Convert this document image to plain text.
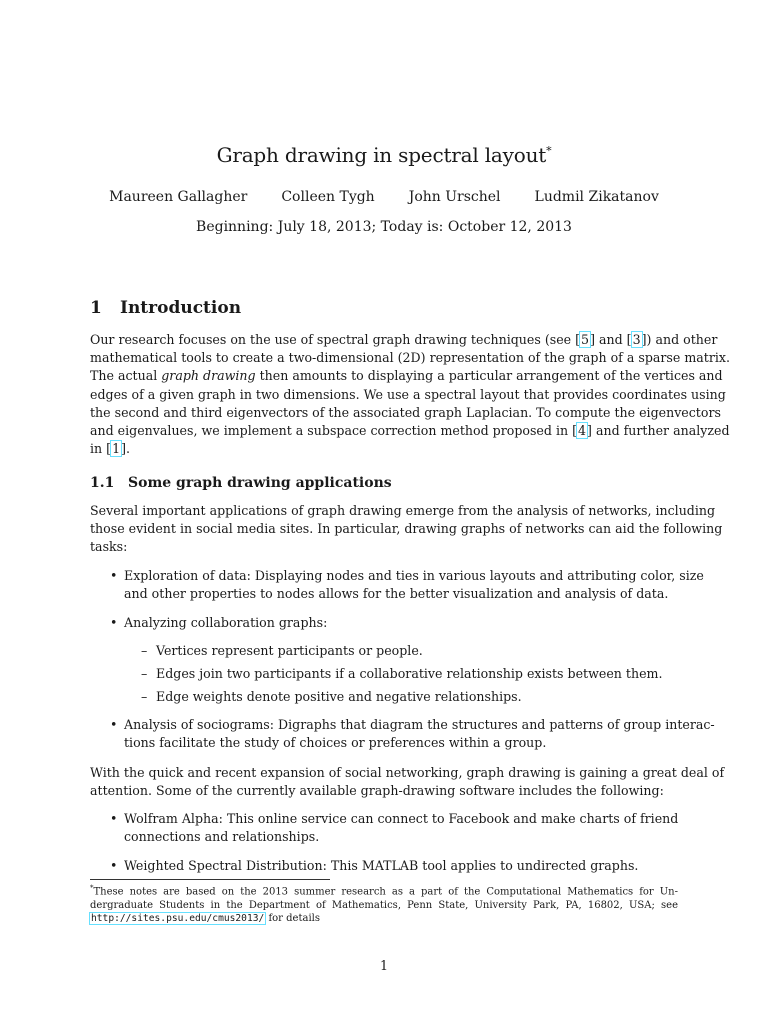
Graph drawing in spectral layout*
Maureen Gallagher Colleen Tygh John Urschel Ludmil Zikatanov
Beginning: July 18, 2013; Today is: October 12, 2013
1 Introduction
Our research focuses on the use of spectral graph drawing techniques (see [5] and [3]) and other
mathematical tools to create a two-dimensional (2D) representation of the graph of a sparse matrix.
The actual graph drawing then amounts to displaying a particular arrangement of the vertices and
edges of a given graph in two dimensions. We use a spectral layout that provides coordinates using
the second and third eigenvectors of the associated graph Laplacian. To compute the eigenvectors
and eigenvalues, we implement a subspace correction method proposed in [4] and further analyzed
in [1].
1.1 Some graph drawing applications
Several important applications of graph drawing emerge from the analysis of networks, including
those evident in social media sites. In particular, drawing graphs of networks can aid the following
tasks:
• Exploration of data: Displaying nodes and ties in various layouts and attributing color, size
and other properties to nodes allows for the better visualization and analysis of data.
• Analyzing collaboration graphs:
– Vertices represent participants or people.
– Edges join two participants if a collaborative relationship exists between them.
– Edge weights denote positive and negative relationships.
• Analysis of sociograms: Digraphs that diagram the structures and patterns of group interac-
tions facilitate the study of choices or preferences within a group.
With the quick and recent expansion of social networking, graph drawing is gaining a great deal of
attention. Some of the currently available graph-drawing software includes the following:
• Wolfram Alpha: This online service can connect to Facebook and make charts of friend
connections and relationships.
• Weighted Spectral Distribution: This MATLAB tool applies to undirected graphs.
*These notes are based on the 2013 summer research as a part of the Computational Mathematics for Un-
dergraduate Students in the Department of Mathematics, Penn State, University Park, PA, 16802, USA; see
http://sites.psu.edu/cmus2013/ for details
1
